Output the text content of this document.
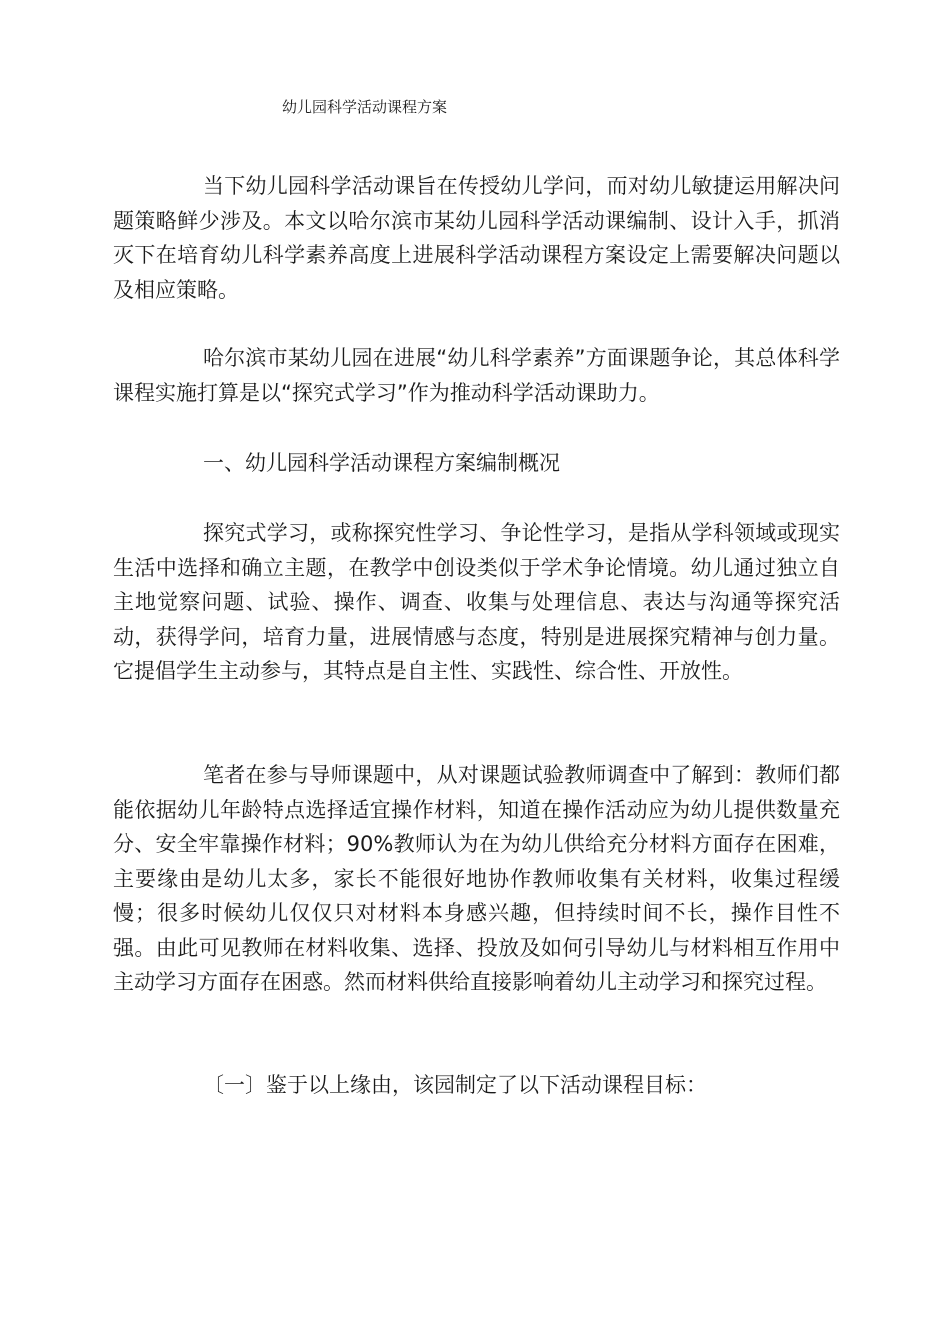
幼儿园科学活动课程方案

当下幼儿园科学活动课旨在传授幼儿学问，而对幼儿敏捷运用解决问题策略鲜少涉及。本文以哈尔滨市某幼儿园科学活动课编制、设计入手，抓消灭下在培育幼儿科学素养高度上进展科学活动课程方案设定上需要解决问题以及相应策略。

哈尔滨市某幼儿园在进展“幼儿科学素养”方面课题争论，其总体科学课程实施打算是以“探究式学习”作为推动科学活动课助力。

一、幼儿园科学活动课程方案编制概况

探究式学习，或称探究性学习、争论性学习，是指从学科领域或现实生活中选择和确立主题，在教学中创设类似于学术争论情境。幼儿通过独立自主地觉察问题、试验、操作、调查、收集与处理信息、表达与沟通等探究活动，获得学问，培育力量，进展情感与态度，特别是进展探究精神与创力量。它提倡学生主动参与，其特点是自主性、实践性、综合性、开放性。

笔者在参与导师课题中，从对课题试验教师调查中了解到：教师们都能依据幼儿年龄特点选择适宜操作材料，知道在操作活动应为幼儿提供数量充分、安全牢靠操作材料；90%教师认为在为幼儿供给充分材料方面存在困难，主要缘由是幼儿太多，家长不能很好地协作教师收集有关材料，收集过程缓慢；很多时候幼儿仅仅只对材料本身感兴趣，但持续时间不长，操作目性不强。由此可见教师在材料收集、选择、投放及如何引导幼儿与材料相互作用中主动学习方面存在困惑。然而材料供给直接影响着幼儿主动学习和探究过程。

〔一〕鉴于以上缘由，该园制定了以下活动课程目标：
